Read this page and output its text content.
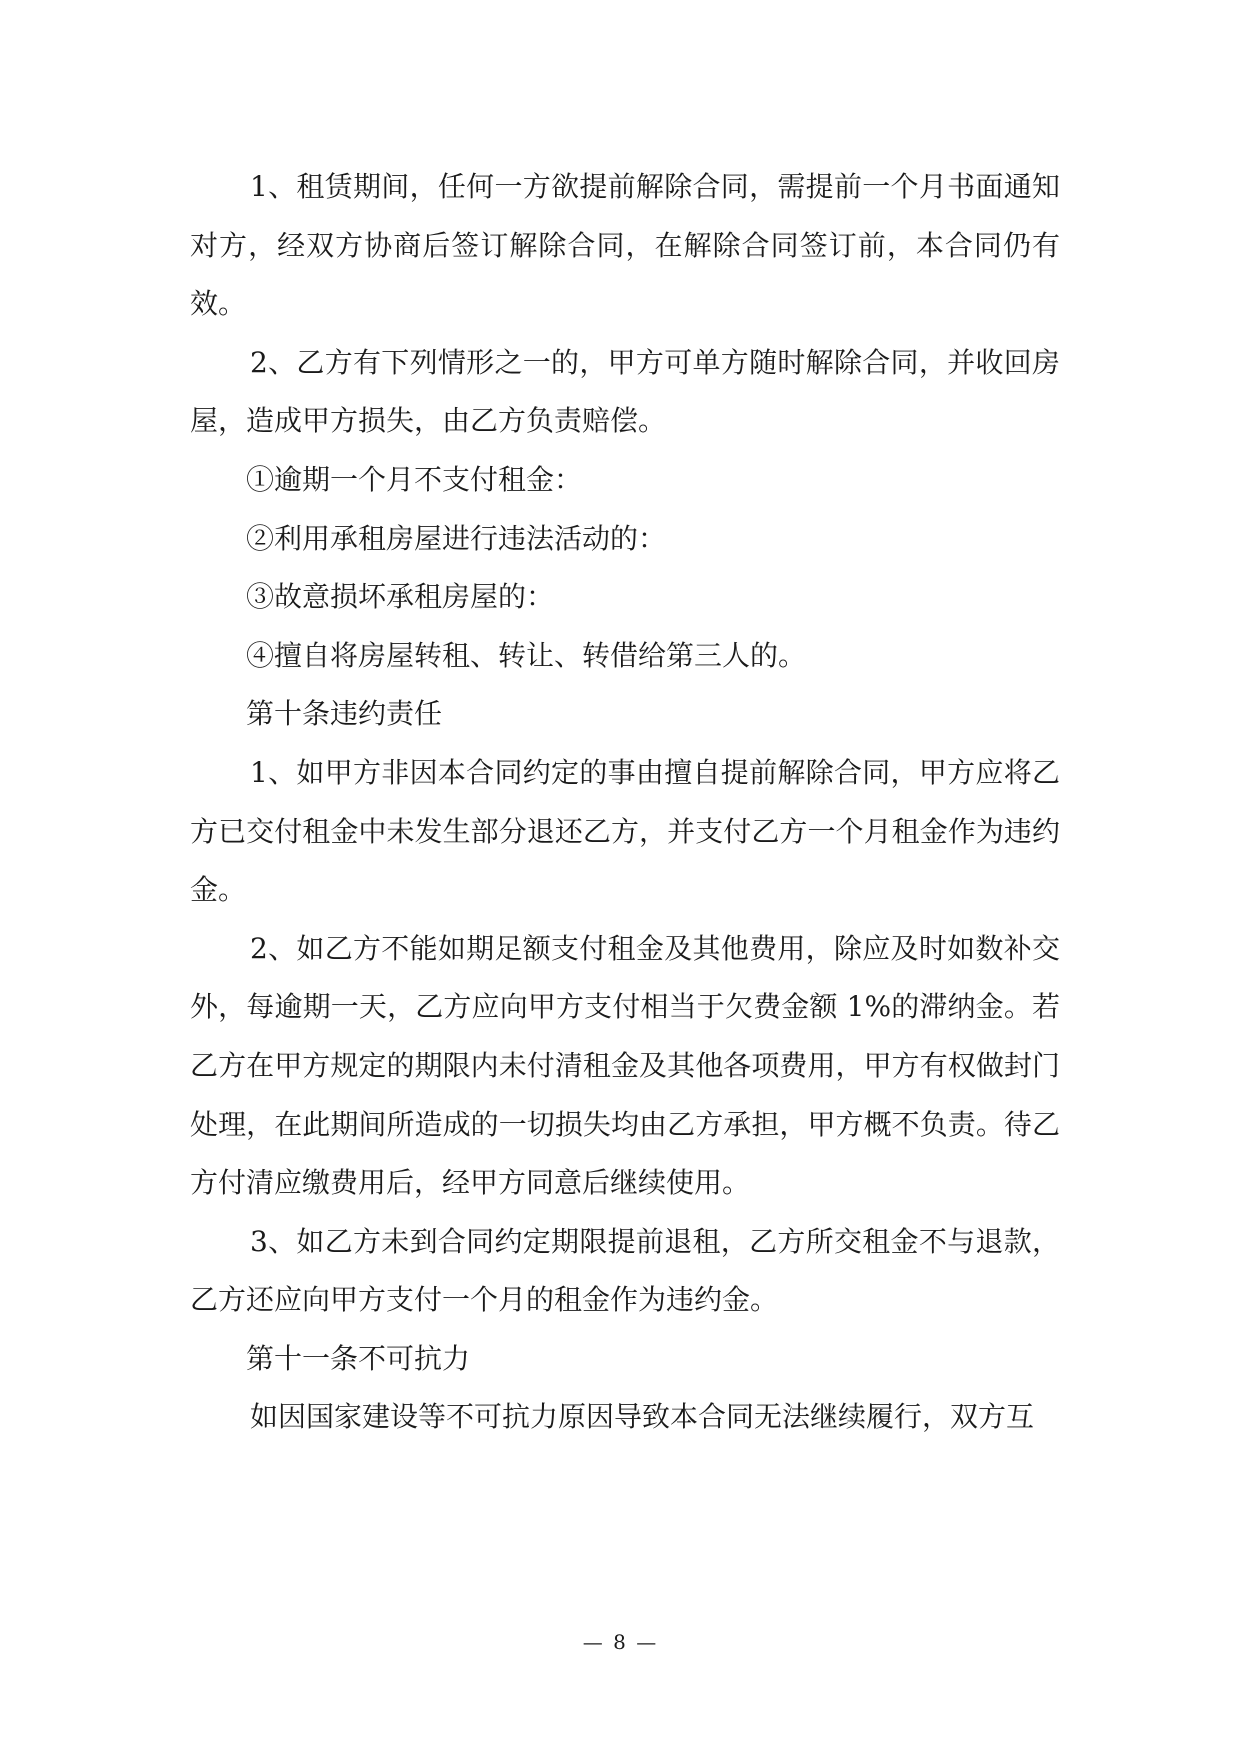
1、租赁期间，任何一方欲提前解除合同，需提前一个月书面通知对方，经双方协商后签订解除合同，在解除合同签订前，本合同仍有效。

2、乙方有下列情形之一的，甲方可单方随时解除合同，并收回房屋，造成甲方损失，由乙方负责赔偿。

①逾期一个月不支付租金：

②利用承租房屋进行违法活动的：

③故意损坏承租房屋的：

④擅自将房屋转租、转让、转借给第三人的。

第十条违约责任

1、如甲方非因本合同约定的事由擅自提前解除合同，甲方应将乙方已交付租金中未发生部分退还乙方，并支付乙方一个月租金作为违约金。

2、如乙方不能如期足额支付租金及其他费用，除应及时如数补交外，每逾期一天，乙方应向甲方支付相当于欠费金额 1%的滞纳金。若乙方在甲方规定的期限内未付清租金及其他各项费用，甲方有权做封门处理，在此期间所造成的一切损失均由乙方承担，甲方概不负责。待乙方付清应缴费用后，经甲方同意后继续使用。

3、如乙方未到合同约定期限提前退租，乙方所交租金不与退款，乙方还应向甲方支付一个月的租金作为违约金。

第十一条不可抗力

如因国家建设等不可抗力原因导致本合同无法继续履行，双方互

— 8 —
